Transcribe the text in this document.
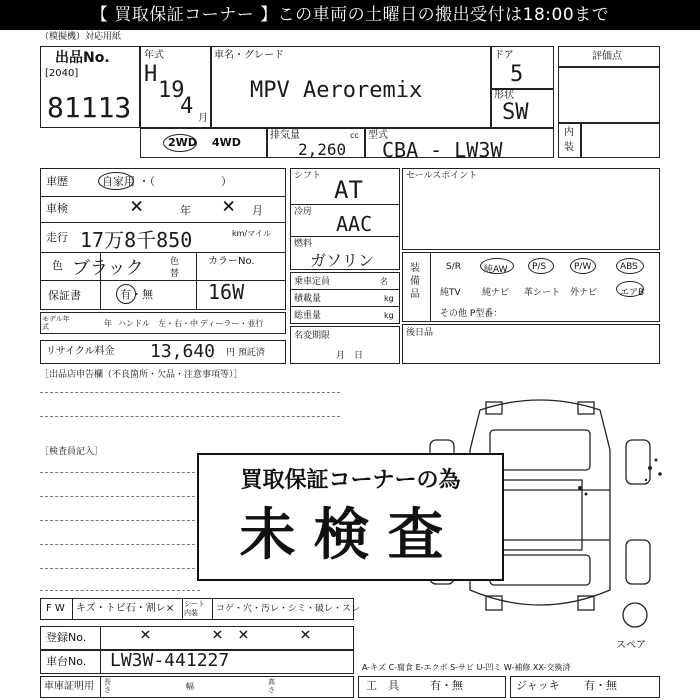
【 買取保証コーナー 】この車両の土曜日の搬出受付は18:00まで
（模擬機）対応用紙
出品No.
[2040]
81113
年式
H
19
4 月
車名・グレード
MPV Aeroremix
ドア
5
形状
SW
2WD 4WD
排気量	cc
2,260
型式
CBA - LW3W
評価点
内
装
車歴	自家用 ・（　　　　　　）
車検	×	年 × 月
走行 17万8千850	km/マイル
色 ブラック	色替
カラーNo.
16W
保証書	有・無
モデル年式	年 ハンドル　左・右・中 ディーラー・並行
リサイクル料金 13,640 円 預託済
シフト AT
冷房 AAC
燃料
ガソリン
乗車定員	名
積載量	kg
総重量	kg
名変期限
月　日
セールスポイント
装備品
S/R	純AW	P/S	P/W	ABS
純TV 純ナビ 革シート 外ナビ	エアB
その他 P型番：
後日品
［出品店申告欄（不良箇所・欠品・注意事項等）］
［検査員記入］
スペア
買取保証コーナーの為
未検査
F W キズ・トビ石・割レ× シート内装	コゲ・穴・汚レ・シミ・破レ・スレ
登録No.	×	× ×	×
車台No. LW3W-441227
車庫証明用 長さ	幅	高さ
A-キズ C-腐食 E-エクボ S-サビ U-凹ミ W-補修 XX-交換済
工　具	有・無	ジャッキ 有・無
